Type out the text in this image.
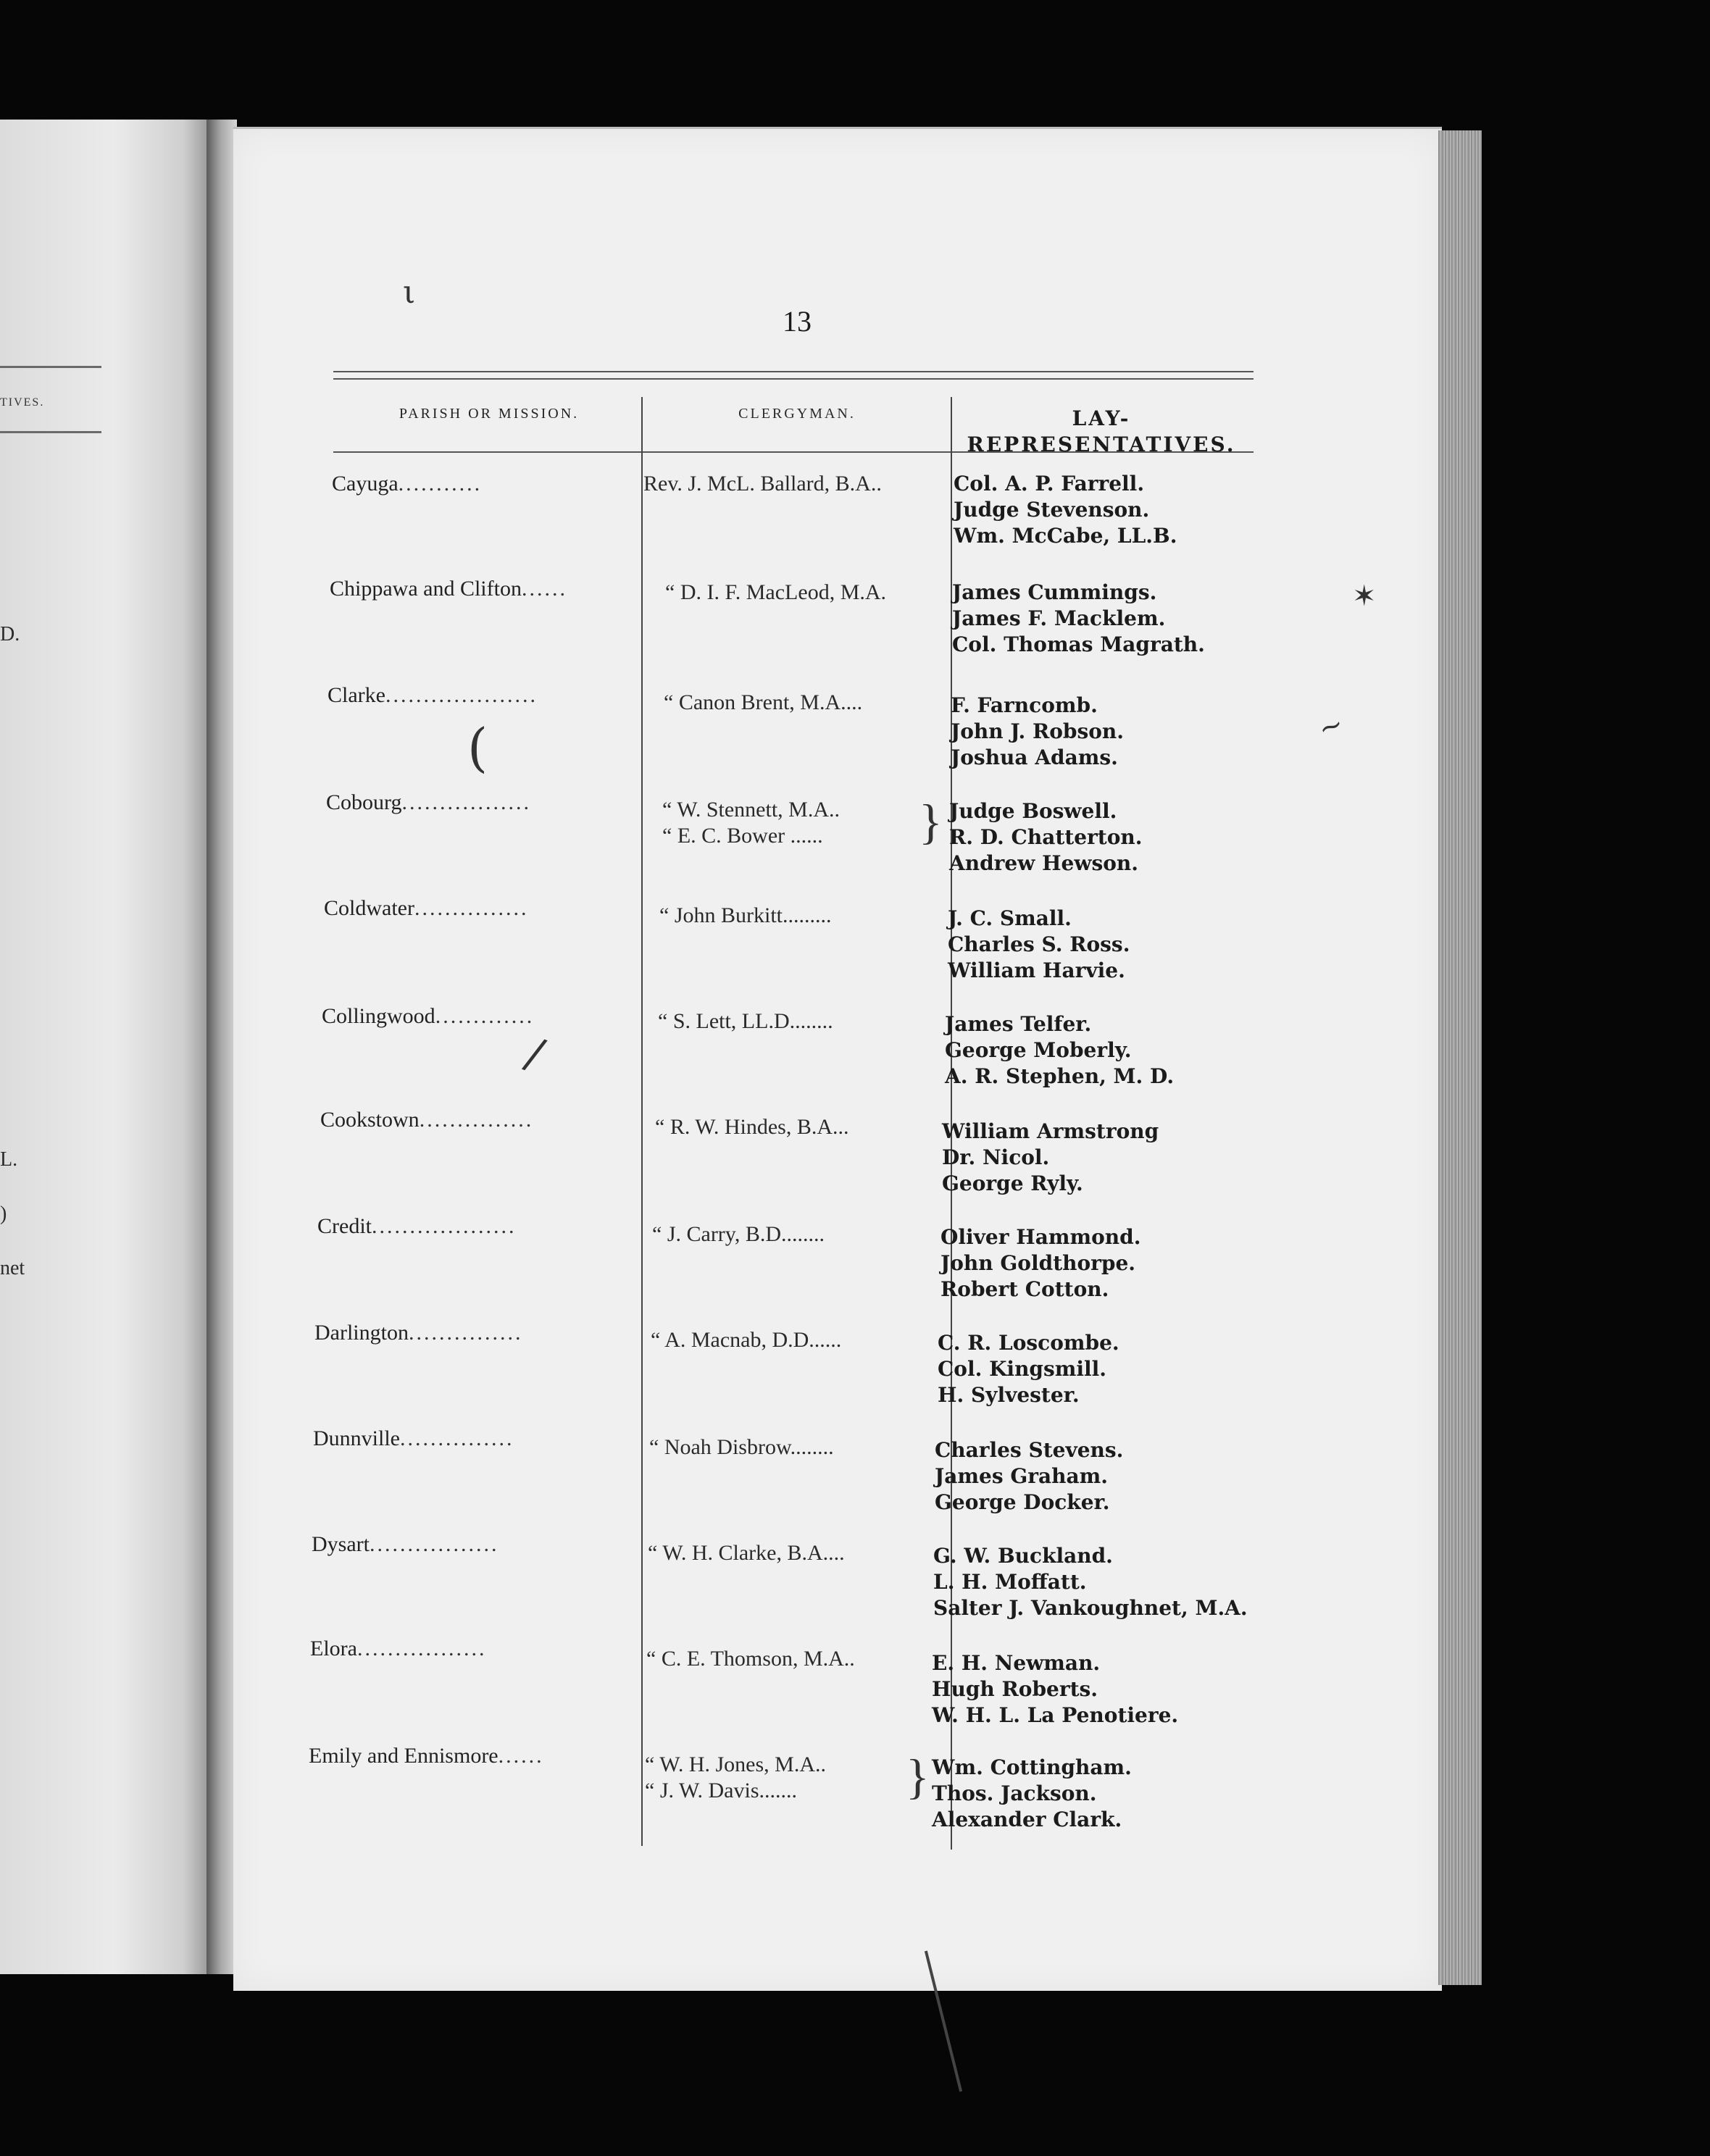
TIVES.
D.
L.
)
net
13
PARISH OR MISSION.	CLERGYMAN.	LAY-REPRESENTATIVES.
Cayuga...........	Rev. J. McL. Ballard, B.A..	Col. A. P. Farrell.
Judge Stevenson.
Wm. McCabe, LL.B.
Chippawa and Clifton......	“ D. I. F. MacLeod, M.A.	James Cummings.
James F. Macklem.
Col. Thomas Magrath.
Clarke....................	“ Canon Brent, M.A....	F. Farncomb.
John J. Robson.
Joshua Adams.
Cobourg.................	“ W. Stennett, M.A..
“ E. C. Bower ...... } Judge Boswell.
R. D. Chatterton.
Andrew Hewson.
Coldwater...............	“ John Burkitt.........	J. C. Small.
Charles S. Ross.
William Harvie.
Collingwood.............	“ S. Lett, LL.D........	James Telfer.
George Moberly.
A. R. Stephen, M. D.
Cookstown...............	“ R. W. Hindes, B.A...	William Armstrong
Dr. Nicol.
George Ryly.
Credit...................	“ J. Carry, B.D........	Oliver Hammond.
John Goldthorpe.
Robert Cotton.
Darlington...............	“ A. Macnab, D.D......	C. R. Loscombe.
Col. Kingsmill.
H. Sylvester.
Dunnville...............	“ Noah Disbrow........	Charles Stevens.
James Graham.
George Docker.
Dysart.................	“ W. H. Clarke, B.A....	G. W. Buckland.
L. H. Moffatt.
Salter J. Vankoughnet, M.A.
Elora.................	“ C. E. Thomson, M.A..	E. H. Newman.
Hugh Roberts.
W. H. L. La Penotiere.
Emily and Ennismore......	“ W. H. Jones, M.A..
“ J. W. Davis....... } Wm. Cottingham.
Thos. Jackson.
Alexander Clark.
ι
(
/
✶
~
